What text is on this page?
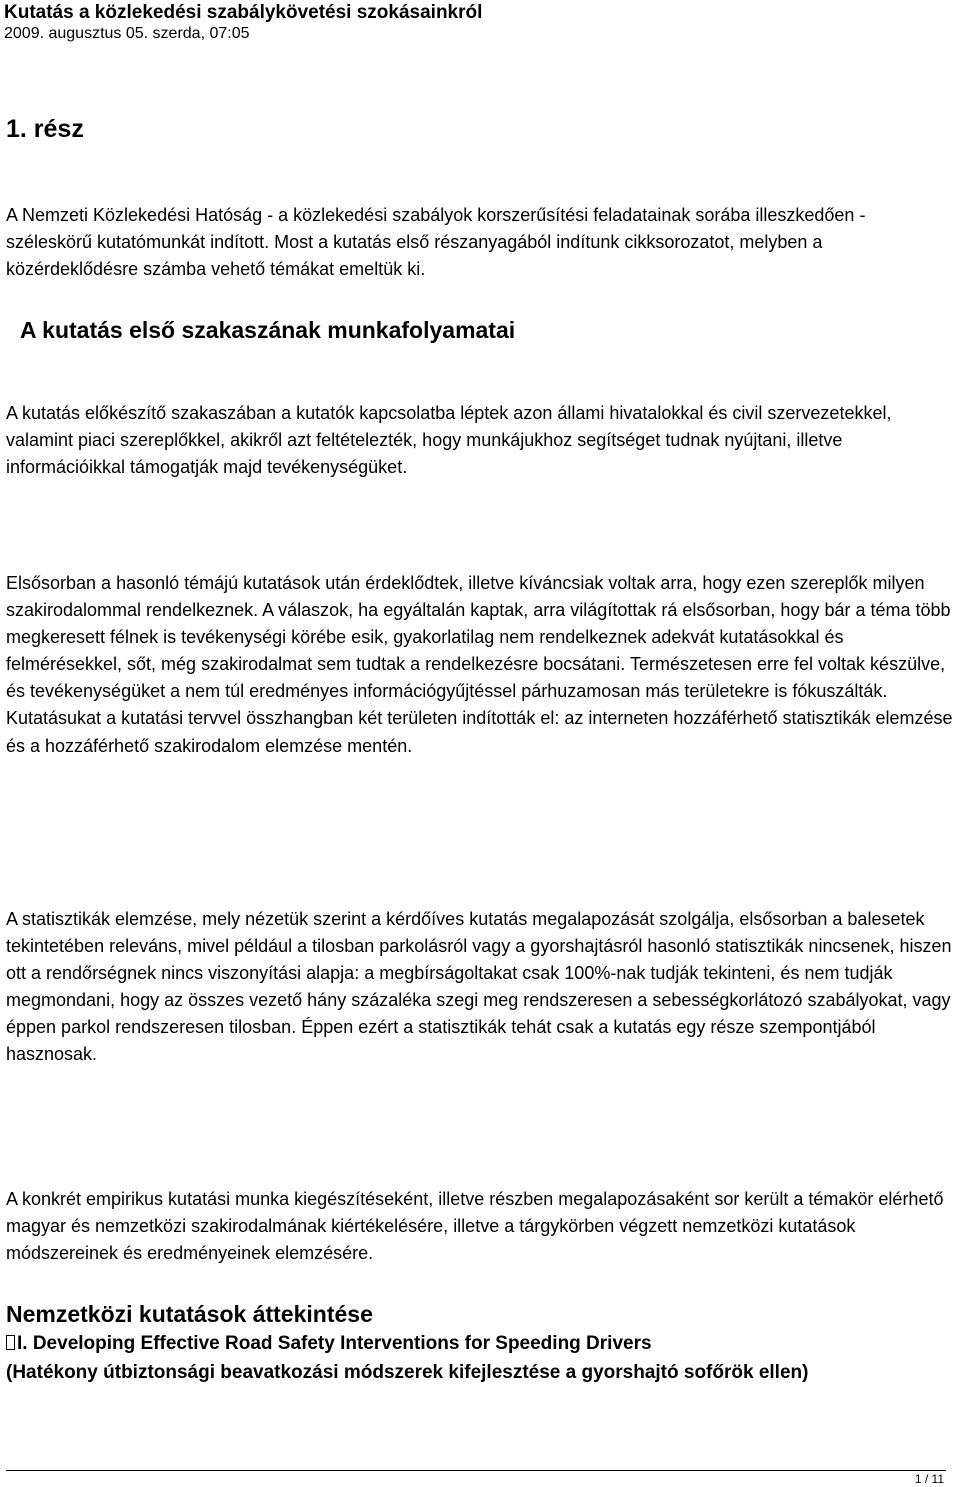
Kutatás a közlekedési szabálykövetési szokásainkról
2009. augusztus 05. szerda, 07:05
1. rész

A Nemzeti Közlekedési Hatóság - a közlekedési szabályok korszerűsítési feladatainak sorába illeszkedően - széleskörű kutatómunkát indított. Most a kutatás első részanyagából indítunk cikksorozatot, melyben a közérdeklődésre számba vehető témákat emeltük ki.

A kutatás első szakaszának munkafolyamatai

A kutatás előkészítő szakaszában a kutatók kapcsolatba léptek azon állami hivatalokkal és civil szervezetekkel, valamint piaci szereplőkkel, akikről azt feltételezték, hogy munkájukhoz segítséget tudnak nyújtani, illetve információikkal támogatják majd tevékenységüket.

Elsősorban a hasonló témájú kutatások után érdeklődtek, illetve kíváncsiak voltak arra, hogy ezen szereplők milyen szakirodalommal rendelkeznek. A válaszok, ha egyáltalán kaptak, arra világítottak rá elsősorban, hogy bár a téma több megkeresett félnek is tevékenységi körébe esik, gyakorlatilag nem rendelkeznek adekvát kutatásokkal és felmérésekkel, sőt, még szakirodalmat sem tudtak a rendelkezésre bocsátani. Természetesen erre fel voltak készülve, és tevékenységüket a nem túl eredményes információgyűjtéssel párhuzamosan más területekre is fókuszálták. Kutatásukat a kutatási tervvel összhangban két területen indították el: az interneten hozzáférhető statisztikák elemzése és a hozzáférhető szakirodalom elemzése mentén.

A statisztikák elemzése, mely nézetük szerint a kérdőíves kutatás megalapozását szolgálja, elsősorban a balesetek tekintetében releváns, mivel például a tilosban parkolásról vagy a gyorshajtásról hasonló statisztikák nincsenek, hiszen ott a rendőrségnek nincs viszonyítási alapja: a megbírságoltakat csak 100%-nak tudják tekinteni, és nem tudják megmondani, hogy az összes vezető hány százaléka szegi meg rendszeresen a sebességkorlátozó szabályokat, vagy éppen parkol rendszeresen tilosban. Éppen ezért a statisztikák tehát csak a kutatás egy része szempontjából hasznosak.

A konkrét empirikus kutatási munka kiegészítéseként, illetve részben megalapozásaként sor került a témakör elérhető magyar és nemzetközi szakirodalmának kiértékelésére, illetve a tárgykörben végzett nemzetközi kutatások módszereinek és eredményeinek elemzésére.

Nemzetközi kutatások áttekintése
I. Developing Effective Road Safety Interventions for Speeding Drivers
(Hatékony útbiztonsági beavatkozási módszerek kifejlesztése a gyorshajtó sofőrök ellen)
1 / 11
